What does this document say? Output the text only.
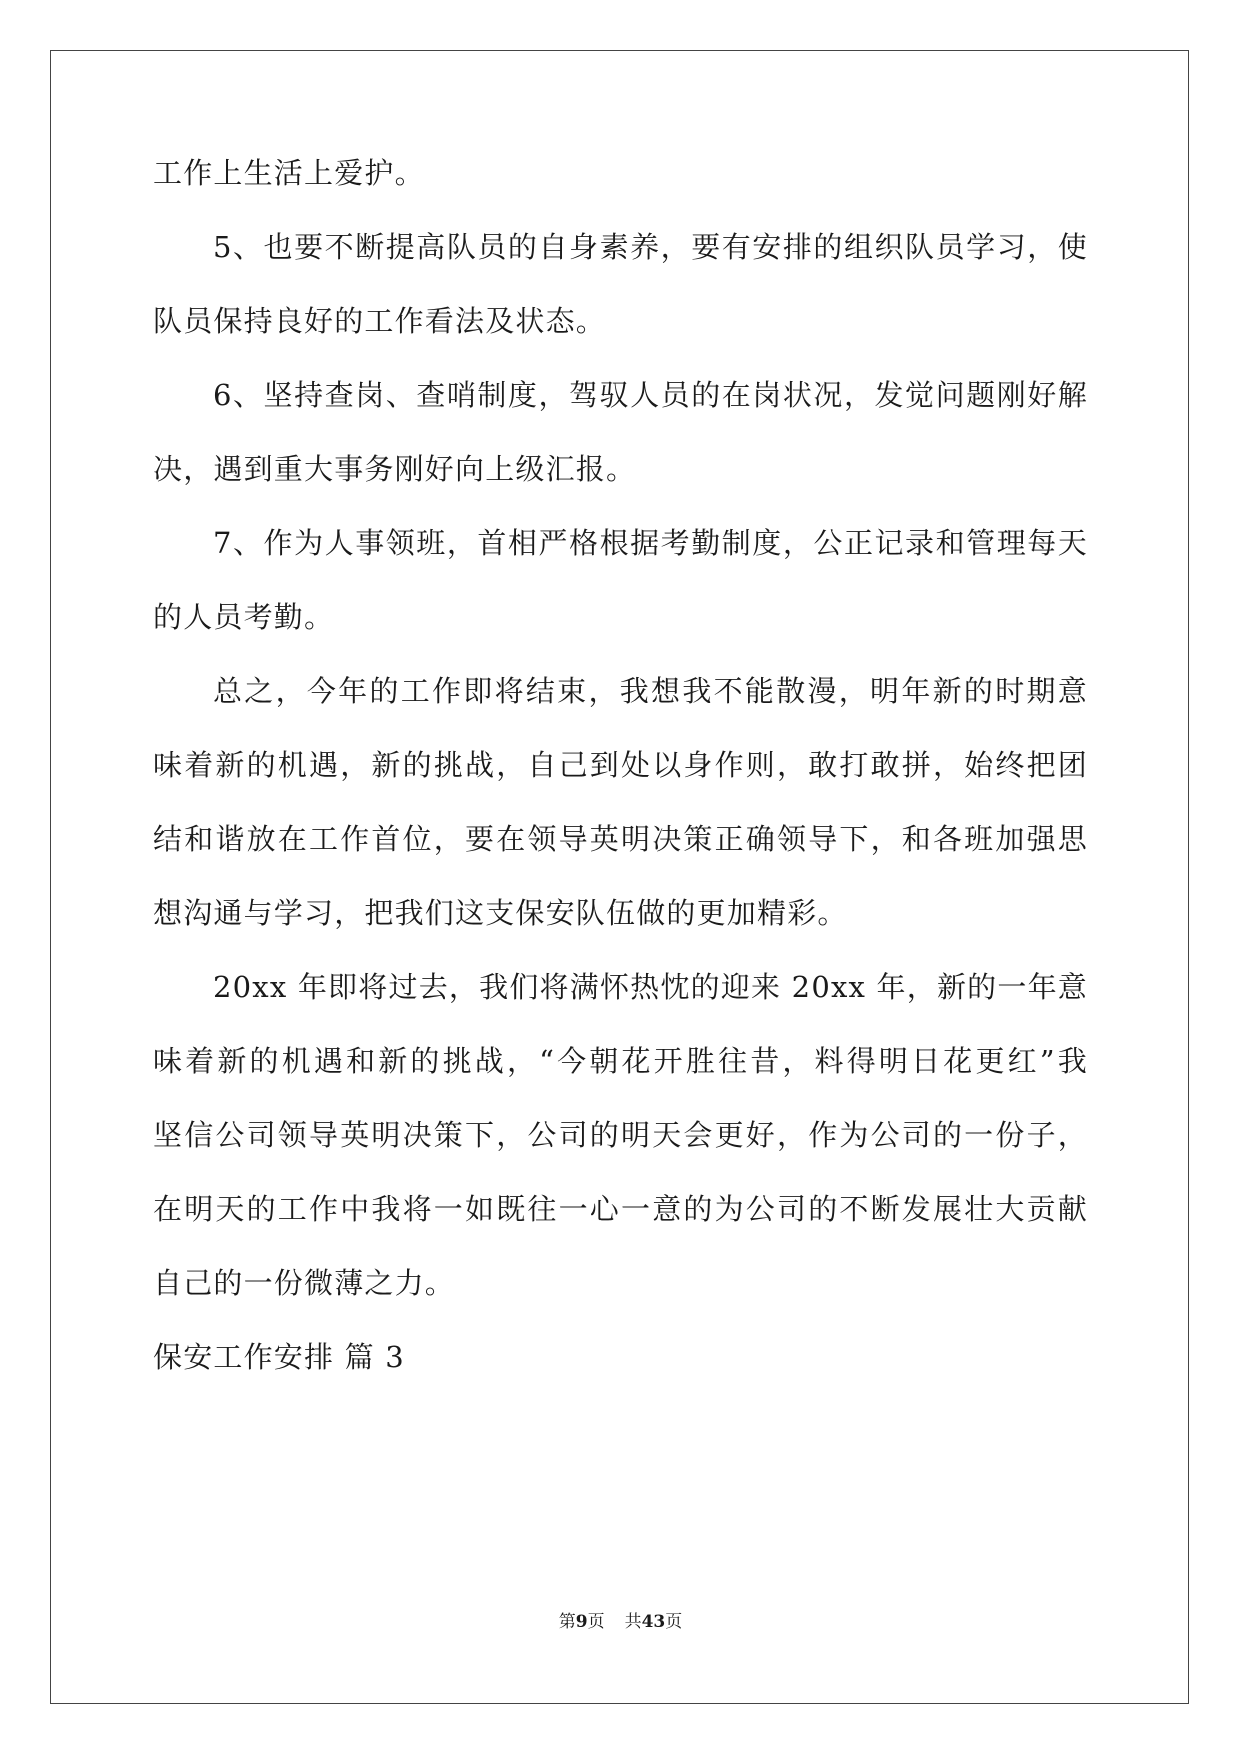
工作上生活上爱护。
5、也要不断提高队员的自身素养，要有安排的组织队员学习，使
队员保持良好的工作看法及状态。
6、坚持查岗、查哨制度，驾驭人员的在岗状况，发觉问题刚好解
决，遇到重大事务刚好向上级汇报。
7、作为人事领班，首相严格根据考勤制度，公正记录和管理每天
的人员考勤。
总之，今年的工作即将结束，我想我不能散漫，明年新的时期意
味着新的机遇，新的挑战，自己到处以身作则，敢打敢拼，始终把团
结和谐放在工作首位，要在领导英明决策正确领导下，和各班加强思
想沟通与学习，把我们这支保安队伍做的更加精彩。
20xx 年即将过去，我们将满怀热忱的迎来 20xx 年，新的一年意
味着新的机遇和新的挑战，“今朝花开胜往昔，料得明日花更红”我
坚信公司领导英明决策下，公司的明天会更好，作为公司的一份子，
在明天的工作中我将一如既往一心一意的为公司的不断发展壮大贡献
自己的一份微薄之力。
保安工作安排 篇 3
第9页 共43页
